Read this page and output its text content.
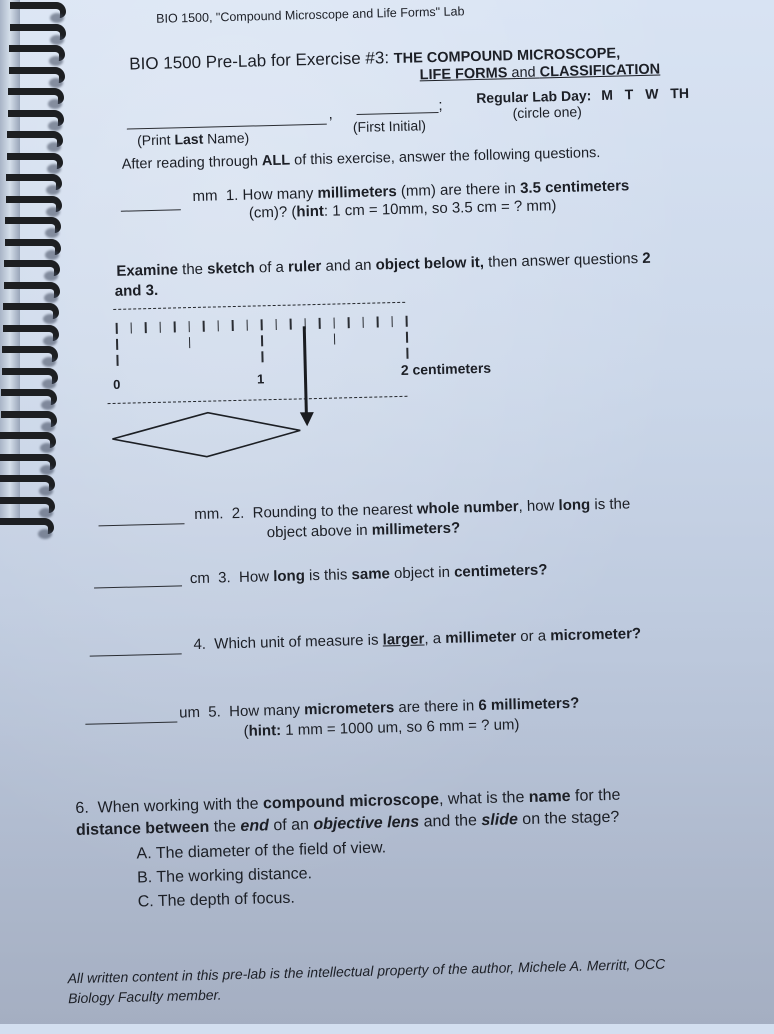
BIO 1500, "Compound Microscope and Life Forms" Lab
BIO 1500 Pre-Lab for Exercise #3: THE COMPOUND MICROSCOPE,
LIFE FORMS and CLASSIFICATION
,
(Print Last Name)
;
(First Initial)
Regular Lab Day: M T W TH
(circle one)
After reading through ALL of this exercise, answer the following questions.
mm 1. How many millimeters (mm) are there in 3.5 centimeters
(cm)? (hint: 1 cm = 10mm, so 3.5 cm = ? mm)
Examine the sketch of a ruler and an object below it, then answer questions 2
and 3.
0	1
2 centimeters
mm. 2. Rounding to the nearest whole number, how long is the
object above in millimeters?
cm 3. How long is this same object in centimeters?
4. Which unit of measure is larger, a millimeter or a micrometer?
um 5. How many micrometers are there in 6 millimeters?
(hint: 1 mm = 1000 um, so 6 mm = ? um)
6. When working with the compound microscope, what is the name for the
distance between the end of an objective lens and the slide on the stage?
A. The diameter of the field of view.
B. The working distance.
C. The depth of focus.
All written content in this pre-lab is the intellectual property of the author, Michele A. Merritt, OCC
Biology Faculty member.
